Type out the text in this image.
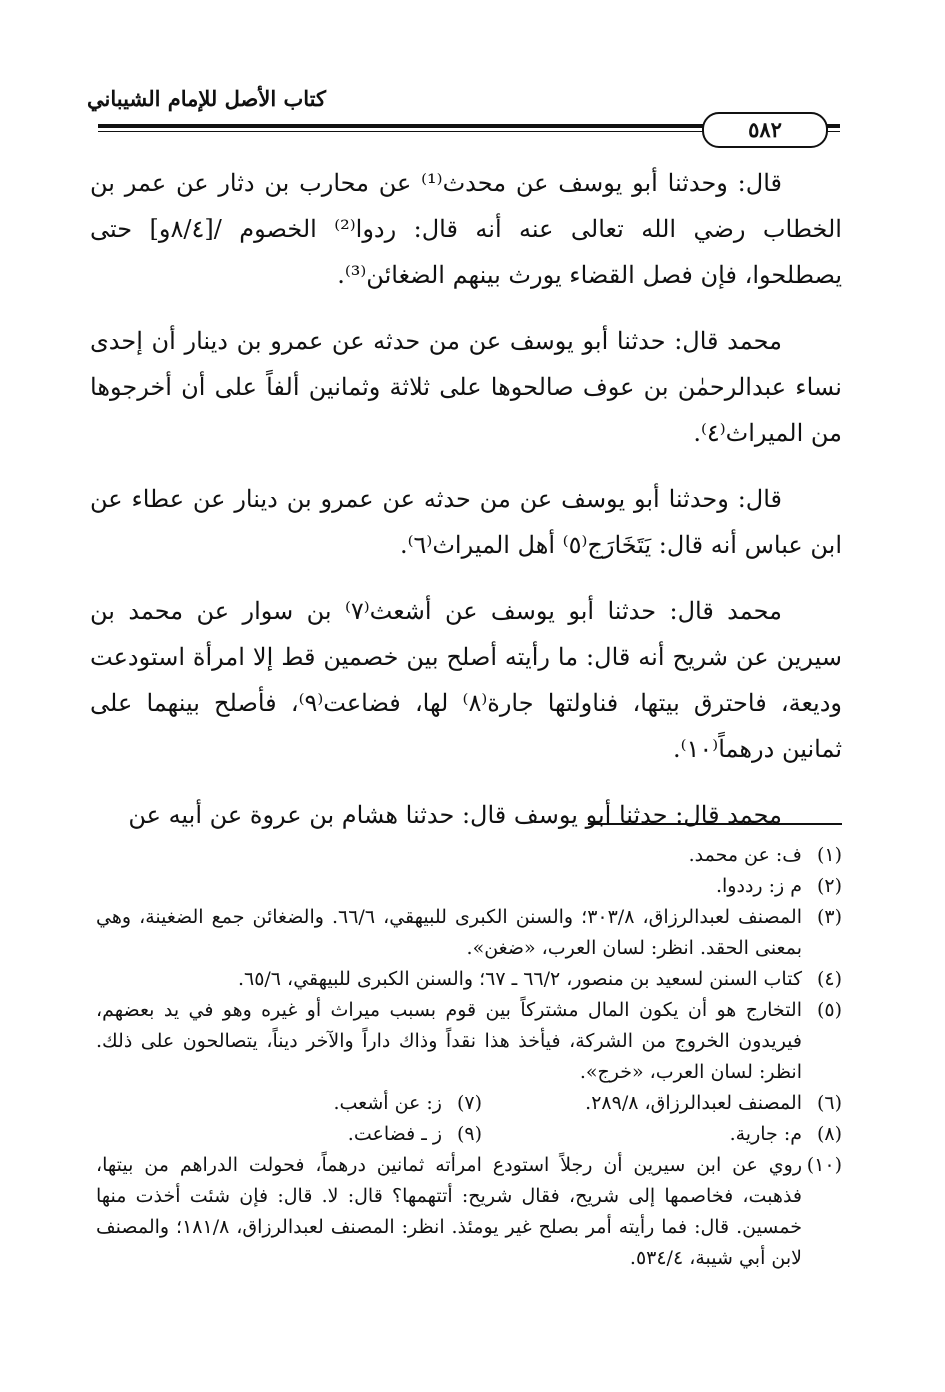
كتاب الأصل للإمام الشيباني
٥٨٢

قال: وحدثنا أبو يوسف عن محدث⁽¹⁾ عن محارب بن دثار عن عمر بن الخطاب رضي الله تعالى عنه أنه قال: ردوا⁽²⁾ الخصوم /[٨/٤و] حتى يصطلحوا، فإن فصل القضاء يورث بينهم الضغائن⁽³⁾.

محمد قال: حدثنا أبو يوسف عن من حدثه عن عمرو بن دينار أن إحدى نساء عبدالرحمٰن بن عوف صالحوها على ثلاثة وثمانين ألفاً على أن أخرجوها من الميراث⁽٤⁾.

قال: وحدثنا أبو يوسف عن من حدثه عن عمرو بن دينار عن عطاء عن ابن عباس أنه قال: يَتَخَارَج⁽٥⁾ أهل الميراث⁽٦⁾.

محمد قال: حدثنا أبو يوسف عن أشعث⁽٧⁾ بن سوار عن محمد بن سيرين عن شريح أنه قال: ما رأيته أصلح بين خصمين قط إلا امرأة استودعت وديعة، فاحترق بيتها، فناولتها جارة⁽٨⁾ لها، فضاعت⁽٩⁾، فأصلح بينهما على ثمانين درهماً⁽١٠⁾.

محمد قال: حدثنا أبو يوسف قال: حدثنا هشام بن عروة عن أبيه عن

(١)
ف: عن محمد.
(٢)
م ز: رددوا.
(٣)
المصنف لعبدالرزاق، ٣٠٣/٨؛ والسنن الكبرى للبيهقي، ٦٦/٦. والضغائن جمع الضغينة، وهي بمعنى الحقد. انظر: لسان العرب، «ضغن».
(٤)
كتاب السنن لسعيد بن منصور، ٦٦/٢ ـ ٦٧؛ والسنن الكبرى للبيهقي، ٦٥/٦.
(٥)
التخارج هو أن يكون المال مشتركاً بين قوم بسبب ميراث أو غيره وهو في يد بعضهم، فيريدون الخروج من الشركة، فيأخذ هذا نقداً وذاك داراً والآخر ديناً، يتصالحون على ذلك. انظر: لسان العرب، «خرج».
(٦)
المصنف لعبدالرزاق، ٢٨٩/٨.
(٧)
ز: عن أشعب.
(٨)
م: جارية.
(٩)
ز ـ فضاعت.
(١٠)
روي عن ابن سيرين أن رجلاً استودع امرأته ثمانين درهماً، فحولت الدراهم من بيتها، فذهبت، فخاصمها إلى شريح، فقال شريح: أتتهمها؟ قال: لا. قال: فإن شئت أخذت منها خمسين. قال: فما رأيته أمر بصلح غير يومئذ. انظر: المصنف لعبدالرزاق، ١٨١/٨؛ والمصنف لابن أبي شيبة، ٥٣٤/٤.
